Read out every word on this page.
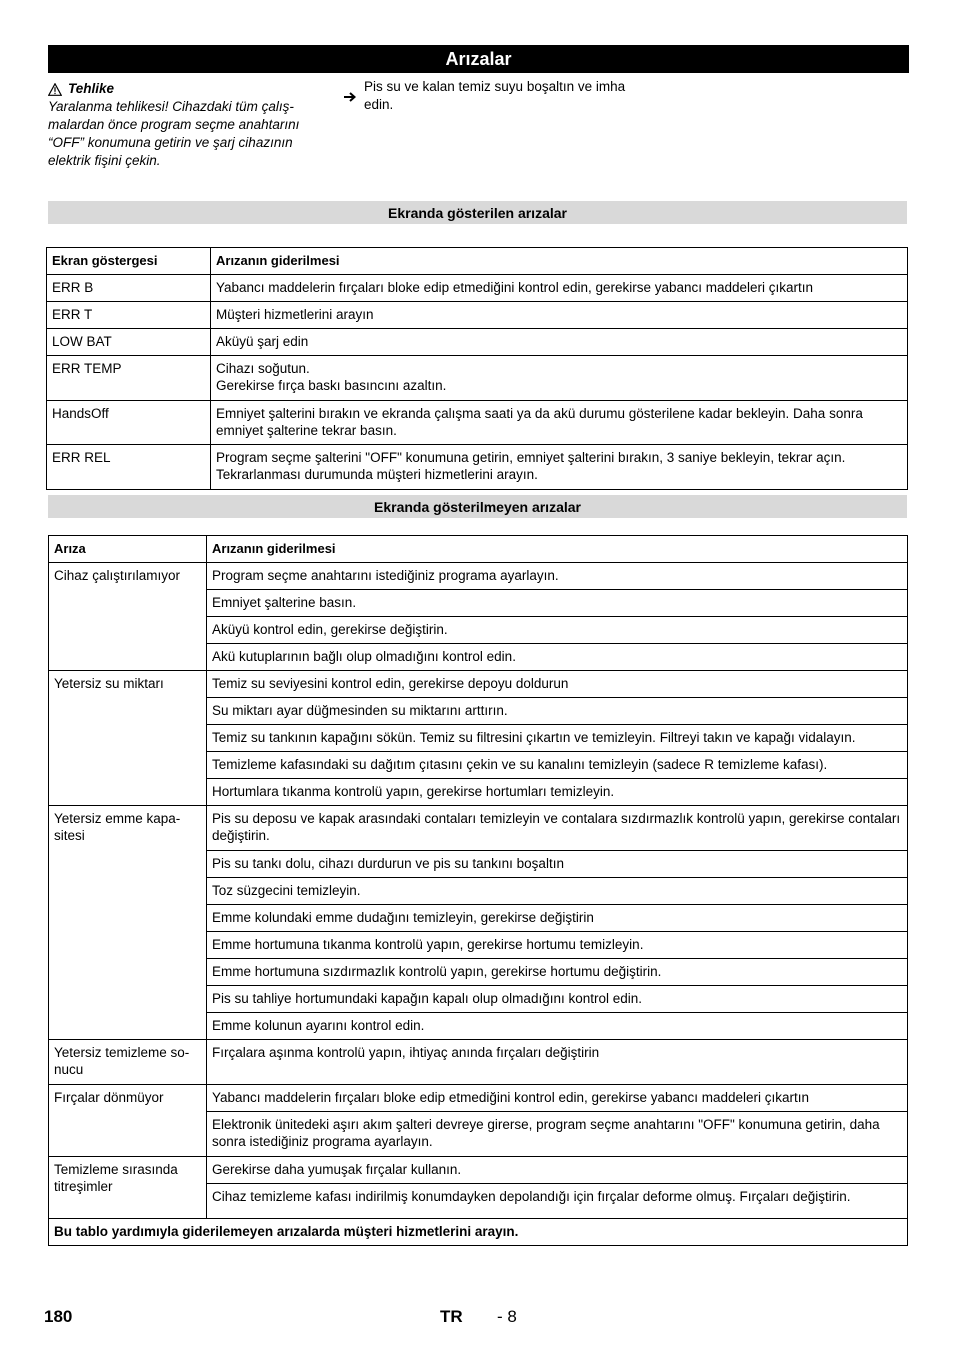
Arızalar
Tehlike
Yaralanma tehlikesi! Cihazdaki tüm çalış-malardan önce program seçme anahtarını “OFF” konumuna getirin ve şarj cihazının elektrik fişini çekin.
Pis su ve kalan temiz suyu boşaltın ve imha edin.
Ekranda gösterilen arızalar
Ekran göstergesi	Arızanın giderilmesi
ERR B	Yabancı maddelerin fırçaları bloke edip etmediğini kontrol edin, gerekirse yabancı maddeleri çıkartın
ERR T	Müşteri hizmetlerini arayın
LOW BAT	Aküyü şarj edin
ERR TEMP	Cihazı soğutun.
Gerekirse fırça baskı basıncını azaltın.

HandsOff	Emniyet şalterini bırakın ve ekranda çalışma saati ya da akü durumu gösterilene kadar bekleyin. Daha sonra emniyet şalterine tekrar basın.
ERR REL	Program seçme şalterini "OFF" konumuna getirin, emniyet şalterini bırakın, 3 saniye bekleyin, tekrar açın.
Tekrarlanması durumunda müşteri hizmetlerini arayın.
Ekranda gösterilmeyen arızalar
Arıza	Arızanın giderilmesi
Cihaz çalıştırılamıyor	Program seçme anahtarını istediğiniz programa ayarlayın.
	Emniyet şalterine basın.
	Aküyü kontrol edin, gerekirse değiştirin.
	Akü kutuplarının bağlı olup olmadığını kontrol edin.
Yetersiz su miktarı	Temiz su seviyesini kontrol edin, gerekirse depoyu doldurun
	Su miktarı ayar düğmesinden su miktarını arttırın.
	Temiz su tankının kapağını sökün. Temiz su filtresini çıkartın ve temizleyin. Filtreyi takın ve kapağı vidalayın.
	Temizleme kafasındaki su dağıtım çıtasını çekin ve su kanalını temizleyin (sadece R temizleme kafası).
	Hortumlara tıkanma kontrolü yapın, gerekirse hortumları temizleyin.
Yetersiz emme kapa-sitesi	Pis su deposu ve kapak arasındaki contaları temizleyin ve contalara sızdırmazlık kontrolü yapın, gerekirse contaları değiştirin.
	Pis su tankı dolu, cihazı durdurun ve pis su tankını boşaltın
	Toz süzgecini temizleyin.
	Emme kolundaki emme dudağını temizleyin, gerekirse değiştirin
	Emme hortumuna tıkanma kontrolü yapın, gerekirse hortumu temizleyin.
	Emme hortumuna sızdırmazlık kontrolü yapın, gerekirse hortumu değiştirin.
	Pis su tahliye hortumundaki kapağın kapalı olup olmadığını kontrol edin.
	Emme kolunun ayarını kontrol edin.
Yetersiz temizleme so-nucu	Fırçalara aşınma kontrolü yapın, ihtiyaç anında fırçaları değiştirin
Fırçalar dönmüyor	Yabancı maddelerin fırçaları bloke edip etmediğini kontrol edin, gerekirse yabancı maddeleri çıkartın
	Elektronik ünitedeki aşırı akım şalteri devreye girerse, program seçme anahtarını "OFF" konumuna getirin, daha sonra istediğiniz programa ayarlayın.
Temizleme sırasında titreşimler	Gerekirse daha yumuşak fırçalar kullanın.
	Cihaz temizleme kafası indirilmiş konumdayken depolandığı için fırçalar deforme olmuş. Fırçaları değiştirin.
Bu tablo yardımıyla giderilemeyen arızalarda müşteri hizmetlerini arayın.	
180	TR - 8
